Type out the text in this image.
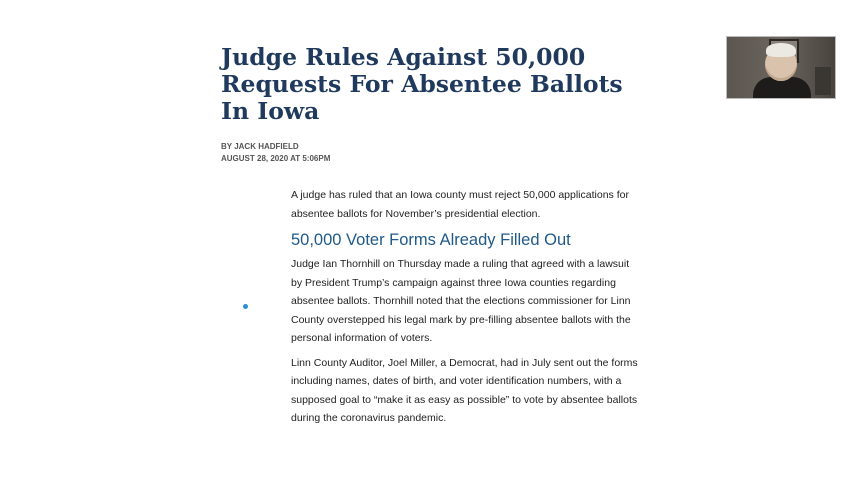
Judge Rules Against 50,000 Requests For Absentee Ballots In Iowa
BY JACK HADFIELD
AUGUST 28, 2020 AT 5:06PM

A judge has ruled that an Iowa county must reject 50,000 applications for absentee ballots for November’s presidential election.

50,000 Voter Forms Already Filled Out

Judge Ian Thornhill on Thursday made a ruling that agreed with a lawsuit by President Trump’s campaign against three Iowa counties regarding absentee ballots. Thornhill noted that the elections commissioner for Linn County overstepped his legal mark by pre-filling absentee ballots with the personal information of voters.

Linn County Auditor, Joel Miller, a Democrat, had in July sent out the forms including names, dates of birth, and voter identification numbers, with a supposed goal to “make it as easy as possible” to vote by absentee ballots during the coronavirus pandemic.
